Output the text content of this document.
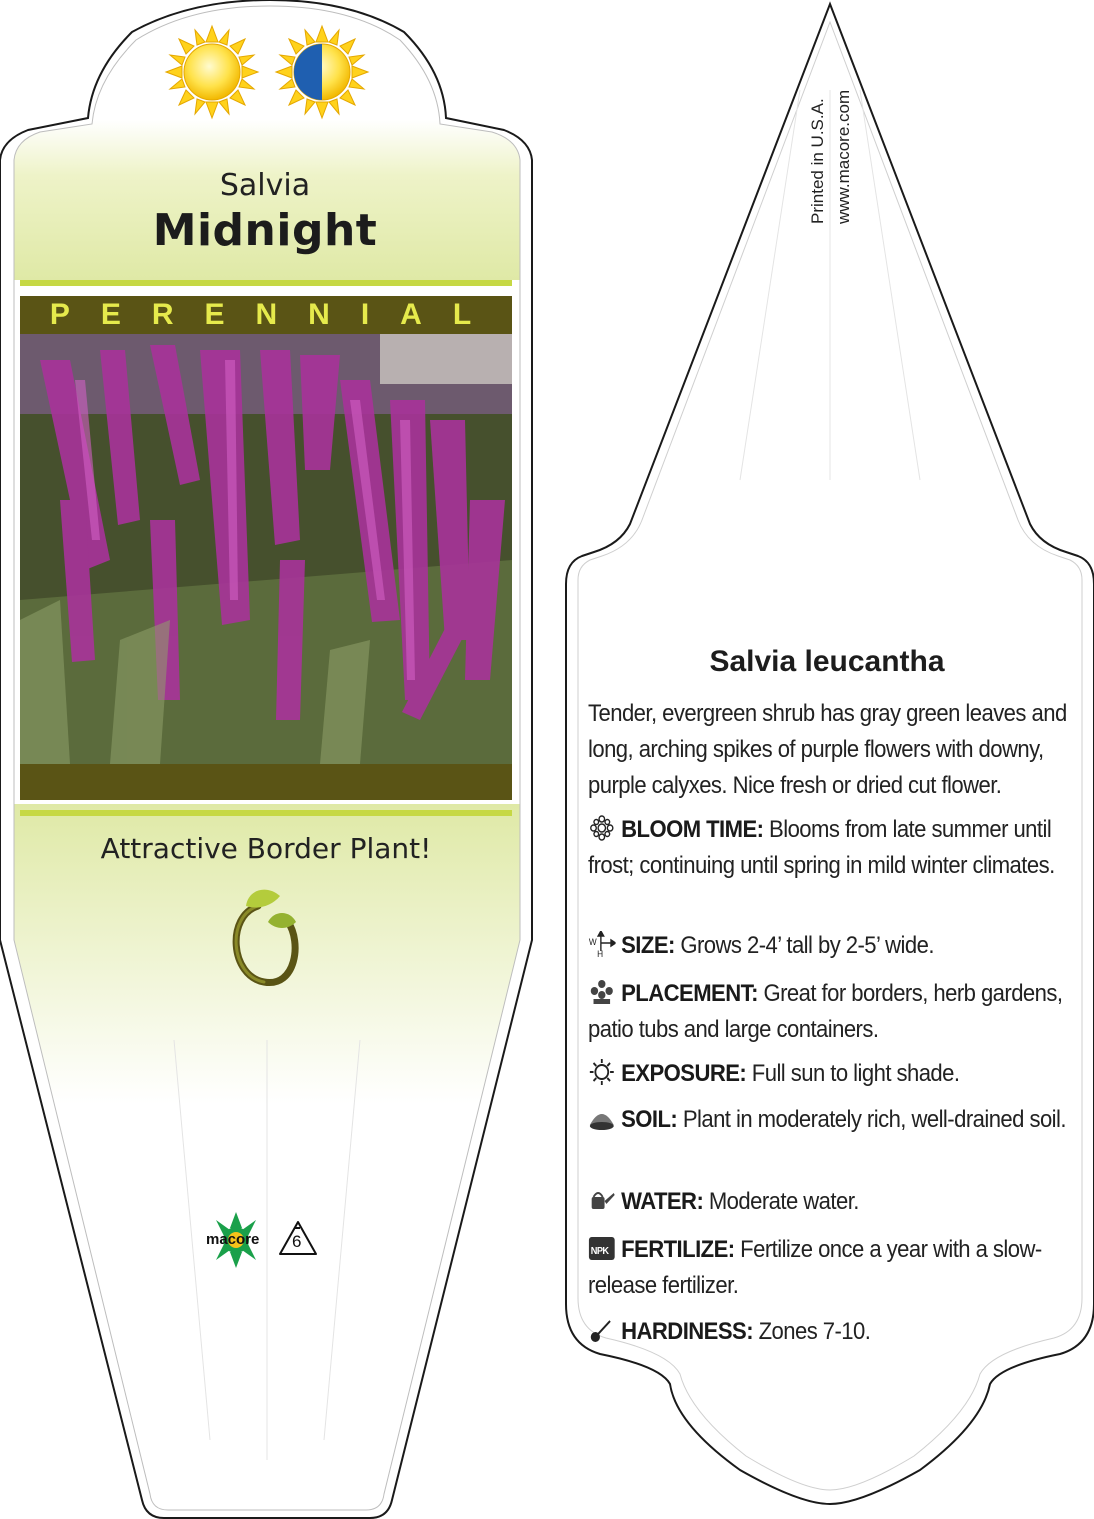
Salvia
Midnight
PERENNIAL
Attractive Border Plant!
macore 6
Printed in U.S.A. www.macore.com
Salvia leucantha
Tender, evergreen shrub has gray green leaves and long, arching spikes of purple flowers with downy, purple calyxes. Nice fresh or dried cut flower.
BLOOM TIME: Blooms from late summer until frost; continuing until spring in mild winter climates.
W
H SIZE: Grows 2-4’ tall by 2-5’ wide.
PLACEMENT: Great for borders, herb gardens, patio tubs and large containers.
EXPOSURE: Full sun to light shade.
SOIL: Plant in moderately rich, well-drained soil.
WATER: Moderate water.
NPK FERTILIZE: Fertilize once a year with a slow-release fertilizer.
HARDINESS: Zones 7-10.
